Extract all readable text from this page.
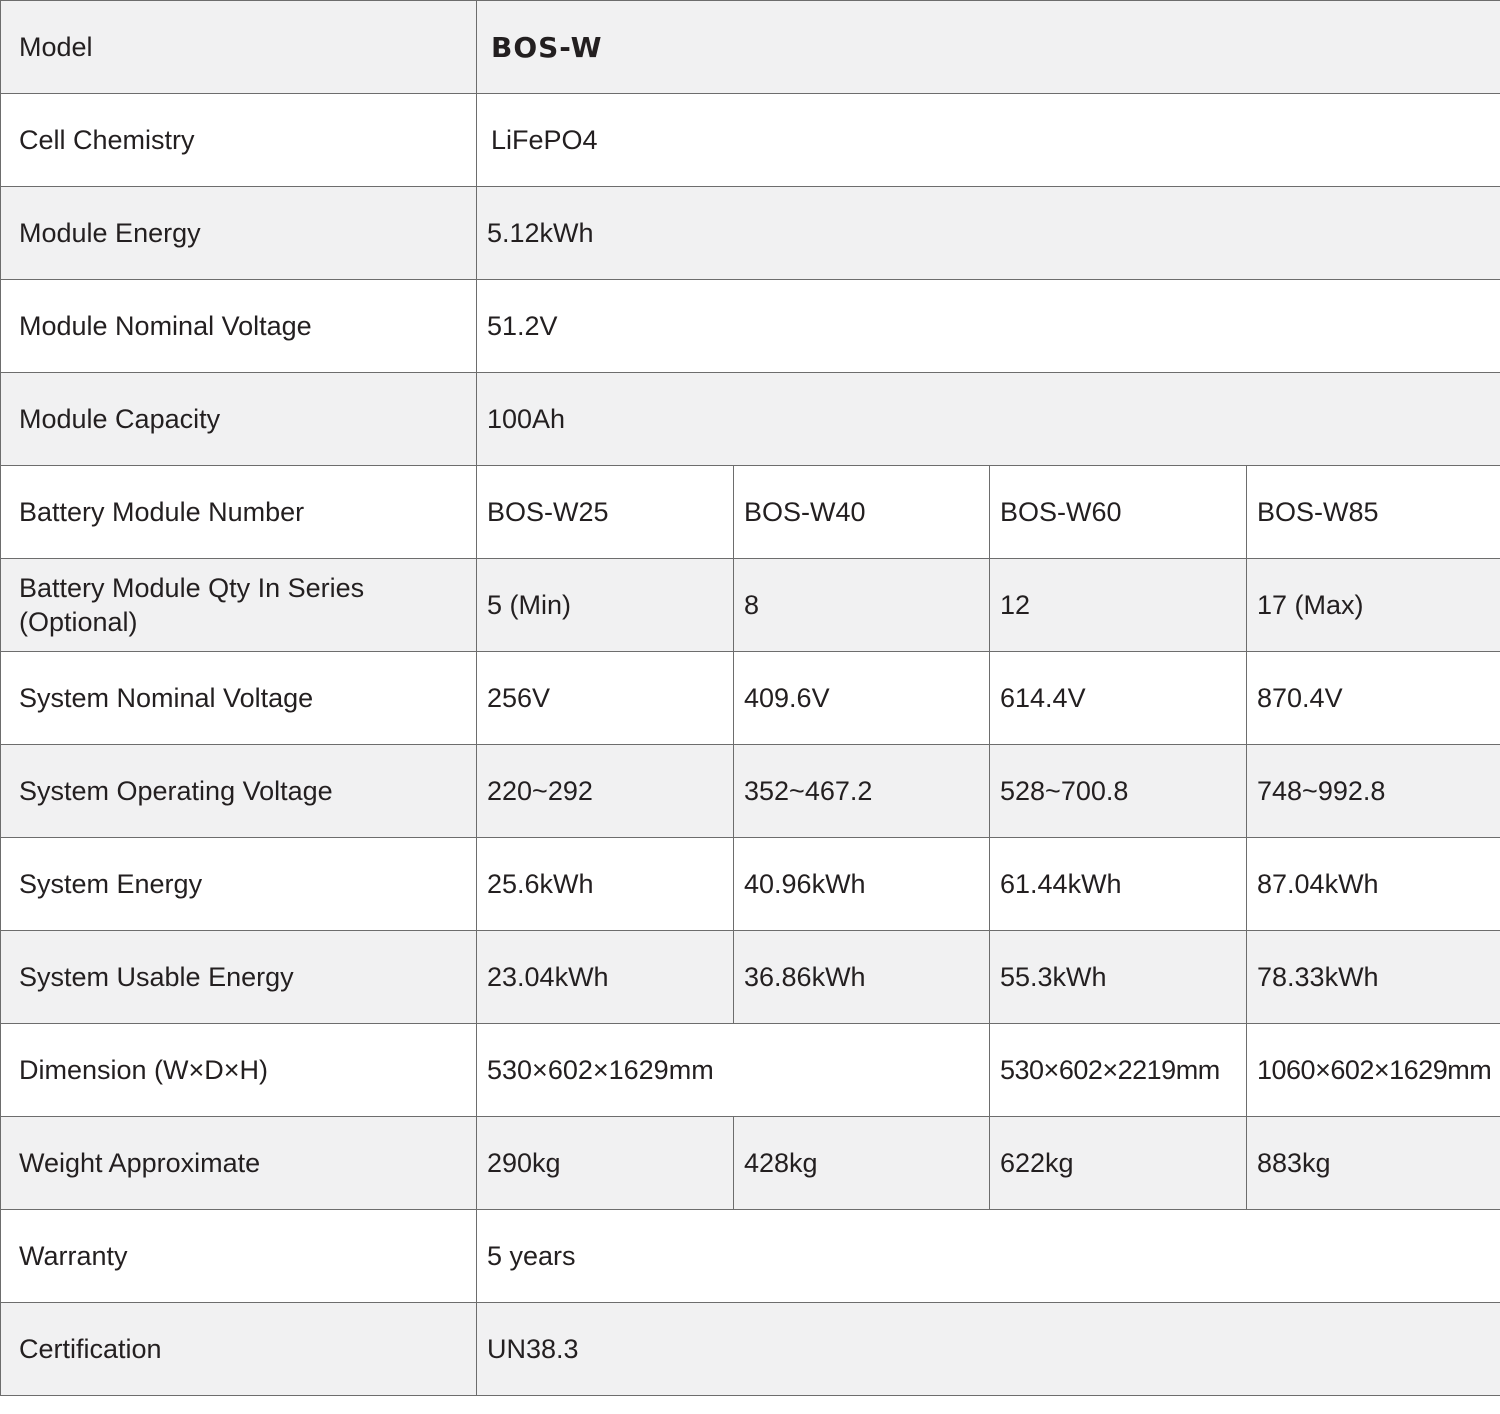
Model	BOS-W			
Cell Chemistry	LiFePO4			
Module Energy	5.12kWh			
Module Nominal Voltage	51.2V			
Module Capacity	100Ah			
Battery Module Number	BOS-W25	BOS-W40	BOS-W60	BOS-W85
Battery Module Qty In Series (Optional)	5 (Min)	8	12	17 (Max)
System Nominal Voltage	256V	409.6V	614.4V	870.4V
System Operating Voltage	220~292	352~467.2	528~700.8	748~992.8
System Energy	25.6kWh	40.96kWh	61.44kWh	87.04kWh
System Usable Energy	23.04kWh	36.86kWh	55.3kWh	78.33kWh
Dimension (W×D×H)	530×602×1629mm		530×602×2219mm	1060×602×1629mm
Weight Approximate	290kg	428kg	622kg	883kg
Warranty	5 years			
Certification	UN38.3			
